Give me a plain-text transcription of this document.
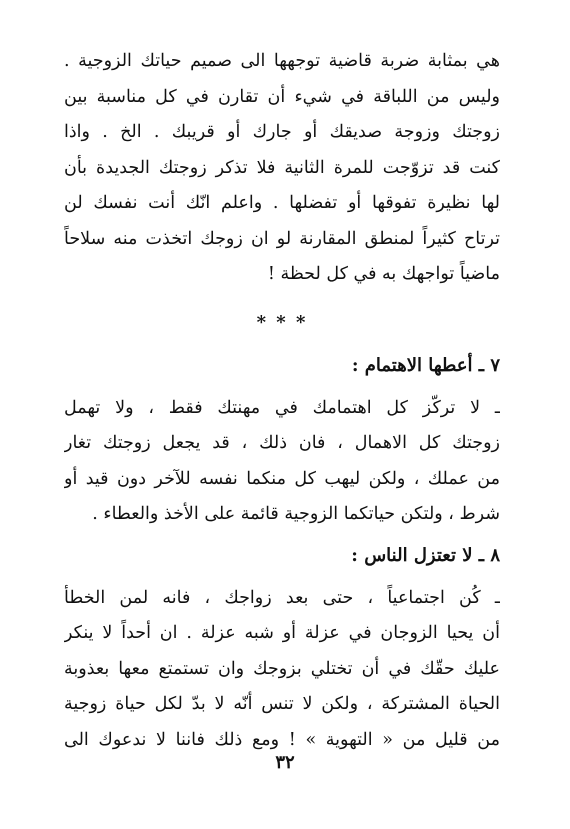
هي بمثابة ضربة قاضية توجهها الى صميم حياتك الزوجية .
وليس من اللباقة في شيء أن تقارن في كل مناسبة بين
زوجتك وزوجة صديقك أو جارك أو قريبك . الخ . واذا
كنت قد تزوّجت للمرة الثانية فلا تذكر زوجتك الجديدة بأن
لها نظيرة تفوقها أو تفضلها . واعلم انّك أنت نفسك لن
ترتاح كثيراً لمنطق المقارنة لو ان زوجك اتخذت منه سلاحاً
ماضياً تواجهك به في كل لحظة !
* * *
٧ ـ أعطها الاهتمام :
ـ لا تركّز كل اهتمامك في مهنتك فقط ، ولا تهمل
زوجتك كل الاهمال ، فان ذلك ، قد يجعل زوجتك تغار
من عملك ، ولكن ليهب كل منكما نفسه للآخر دون قيد أو
شرط ، ولتكن حياتكما الزوجية قائمة على الأخذ والعطاء .
٨ ـ لا تعتزل الناس :
ـ كُن اجتماعياً ، حتى بعد زواجك ، فانه لمن الخطأ
أن يحيا الزوجان في عزلة أو شبه عزلة . ان أحداً لا ينكر
عليك حقّك في أن تختلي بزوجك وان تستمتع معها بعذوبة
الحياة المشتركة ، ولكن لا تنس أنّه لا بدّ لكل حياة زوجية
من قليل من « التهوية » ! ومع ذلك فاننا لا ندعوك الى
٣٢
